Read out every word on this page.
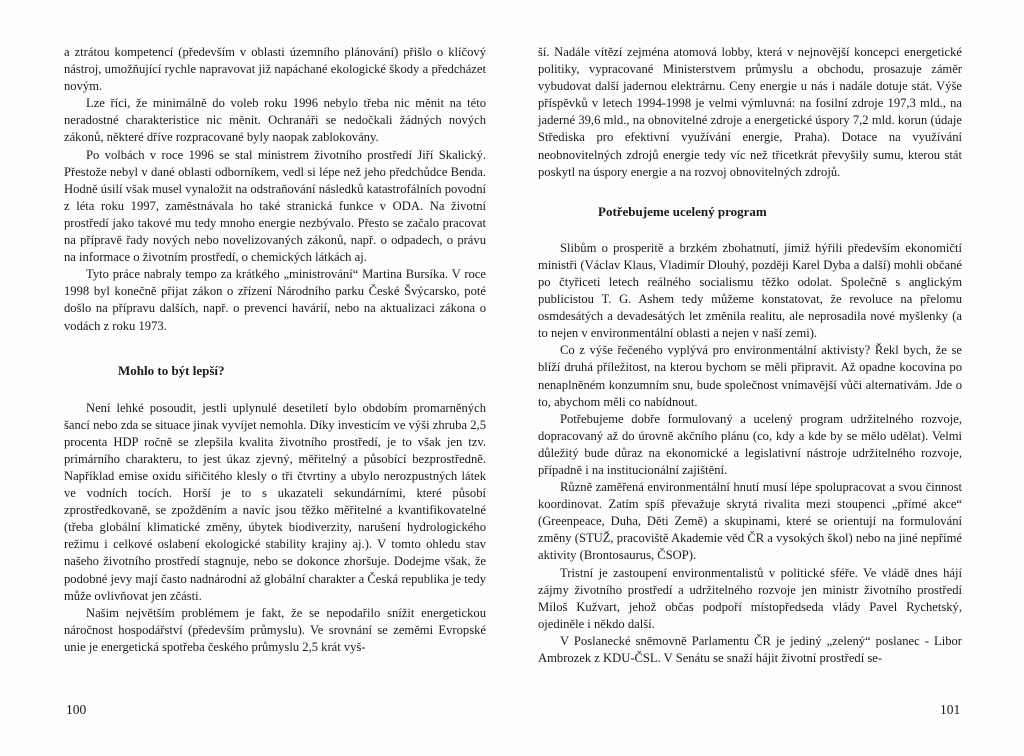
a ztrátou kompetencí (především v oblasti územního plánování) přišlo o klíčový nástroj, umožňující rychle napravovat již napáchané ekologické škody a předcházet novým.

Lze říci, že minimálně do voleb roku 1996 nebylo třeba nic měnit na této neradostné charakteristice nic měnit. Ochranáři se nedočkali žádných nových zákonů, některé dříve rozpracované byly naopak zablokovány.

Po volbách v roce 1996 se stal ministrem životního prostředí Jiří Skalický. Přestože nebyl v dané oblasti odborníkem, vedl si lépe než jeho předchůdce Benda. Hodně úsilí však musel vynaložit na odstraňování následků katastrofálních povodní z léta roku 1997, zaměstnávala ho také stranická funkce v ODA. Na životní prostředí jako takové mu tedy mnoho energie nezbývalo. Přesto se začalo pracovat na přípravě řady nových nebo novelizovaných zákonů, např. o odpadech, o právu na informace o životním prostředí, o chemických látkách aj.

Tyto práce nabraly tempo za krátkého „ministrování“ Martina Bursíka. V roce 1998 byl konečně přijat zákon o zřízení Národního parku České Švýcarsko, poté došlo na přípravu dalších, např. o prevenci havárií, nebo na aktualizaci zákona o vodách z roku 1973.

Mohlo to být lepší?

Není lehké posoudit, jestli uplynulé desetiletí bylo obdobím promarněných šancí nebo zda se situace jinak vyvíjet nemohla. Díky investicím ve výši zhruba 2,5 procenta HDP ročně se zlepšila kvalita životního prostředí, je to však jen tzv. primárního charakteru, to jest úkaz zjevný, měřitelný a působící bezprostředně. Například emise oxidu siřičitého klesly o tři čtvrtiny a ubylo nerozpustných látek ve vodních tocích. Horší je to s ukazateli sekundárními, které působí zprostředkovaně, se zpožděním a navíc jsou těžko měřitelné a kvantifikovatelné (třeba globální klimatické změny, úbytek biodiverzity, narušení hydrologického režimu i celkové oslabení ekologické stability krajiny aj.). V tomto ohledu stav našeho životního prostředí stagnuje, nebo se dokonce zhoršuje. Dodejme však, že podobné jevy mají často nadnárodní až globální charakter a Česká republika je tedy může ovlivňovat jen zčásti.

Našim největším problémem je fakt, že se nepodařilo snížit energetickou náročnost hospodářství (především průmyslu). Ve srovnání se zeměmi Evropské unie je energetická spotřeba českého průmyslu 2,5 krát vyš-

ší. Nadále vítězí zejména atomová lobby, která v nejnovější koncepci energetické politiky, vypracované Ministerstvem průmyslu a obchodu, prosazuje záměr vybudovat další jadernou elektrárnu. Ceny energie u nás i nadále dotuje stát. Výše příspěvků v letech 1994-1998 je velmi výmluvná: na fosilní zdroje 197,3 mld., na jaderné 39,6 mld., na obnovitelné zdroje a energetické úspory 7,2 mld. korun (údaje Střediska pro efektivní využívání energie, Praha). Dotace na využívání neobnovitelných zdrojů energie tedy víc než třicetkrát převyšily sumu, kterou stát poskytl na úspory energie a na rozvoj obnovitelných zdrojů.

Potřebujeme ucelený program

Slibům o prosperitě a brzkém zbohatnutí, jimiž hýřili především ekonomičtí ministři (Václav Klaus, Vladimír Dlouhý, později Karel Dyba a další) mohli občané po čtyřiceti letech reálného socialismu těžko odolat. Společně s anglickým publicistou T. G. Ashem tedy můžeme konstatovat, že revoluce na přelomu osmdesátých a devadesátých let změnila realitu, ale neprosadila nové myšlenky (a to nejen v environmentální oblasti a nejen v naší zemi).

Co z výše řečeného vyplývá pro environmentální aktivisty? Řekl bych, že se blíží druhá příležitost, na kterou bychom se měli připravit. Až opadne kocovina po nenaplněném konzumním snu, bude společnost vnímavější vůči alternativám. Jde o to, abychom měli co nabídnout.

Potřebujeme dobře formulovaný a ucelený program udržitelného rozvoje, dopracovaný až do úrovně akčního plánu (co, kdy a kde by se mělo udělat). Velmi důležitý bude důraz na ekonomické a legislativní nástroje udržitelného rozvoje, případně i na institucionální zajištění.

Různě zaměřená environmentální hnutí musí lépe spolupracovat a svou činnost koordinovat. Zatím spíš převažuje skrytá rivalita mezi stoupenci „přímé akce“ (Greenpeace, Duha, Děti Země) a skupinami, které se orientují na formulování změny (STUŽ, pracoviště Akademie věd ČR a vysokých škol) nebo na jiné nepřímé aktivity (Brontosaurus, ČSOP).

Tristní je zastoupení environmentalistů v politické sféře. Ve vládě dnes hájí zájmy životního prostředí a udržitelného rozvoje jen ministr životního prostředí Miloš Kužvart, jehož občas podpoří místopředseda vlády Pavel Rychetský, ojediněle i někdo další.

V Poslanecké sněmovně Parlamentu ČR je jediný „zelený“ poslanec - Libor Ambrozek z KDU-ČSL. V Senátu se snaží hájit životní prostředí se-

100	101
